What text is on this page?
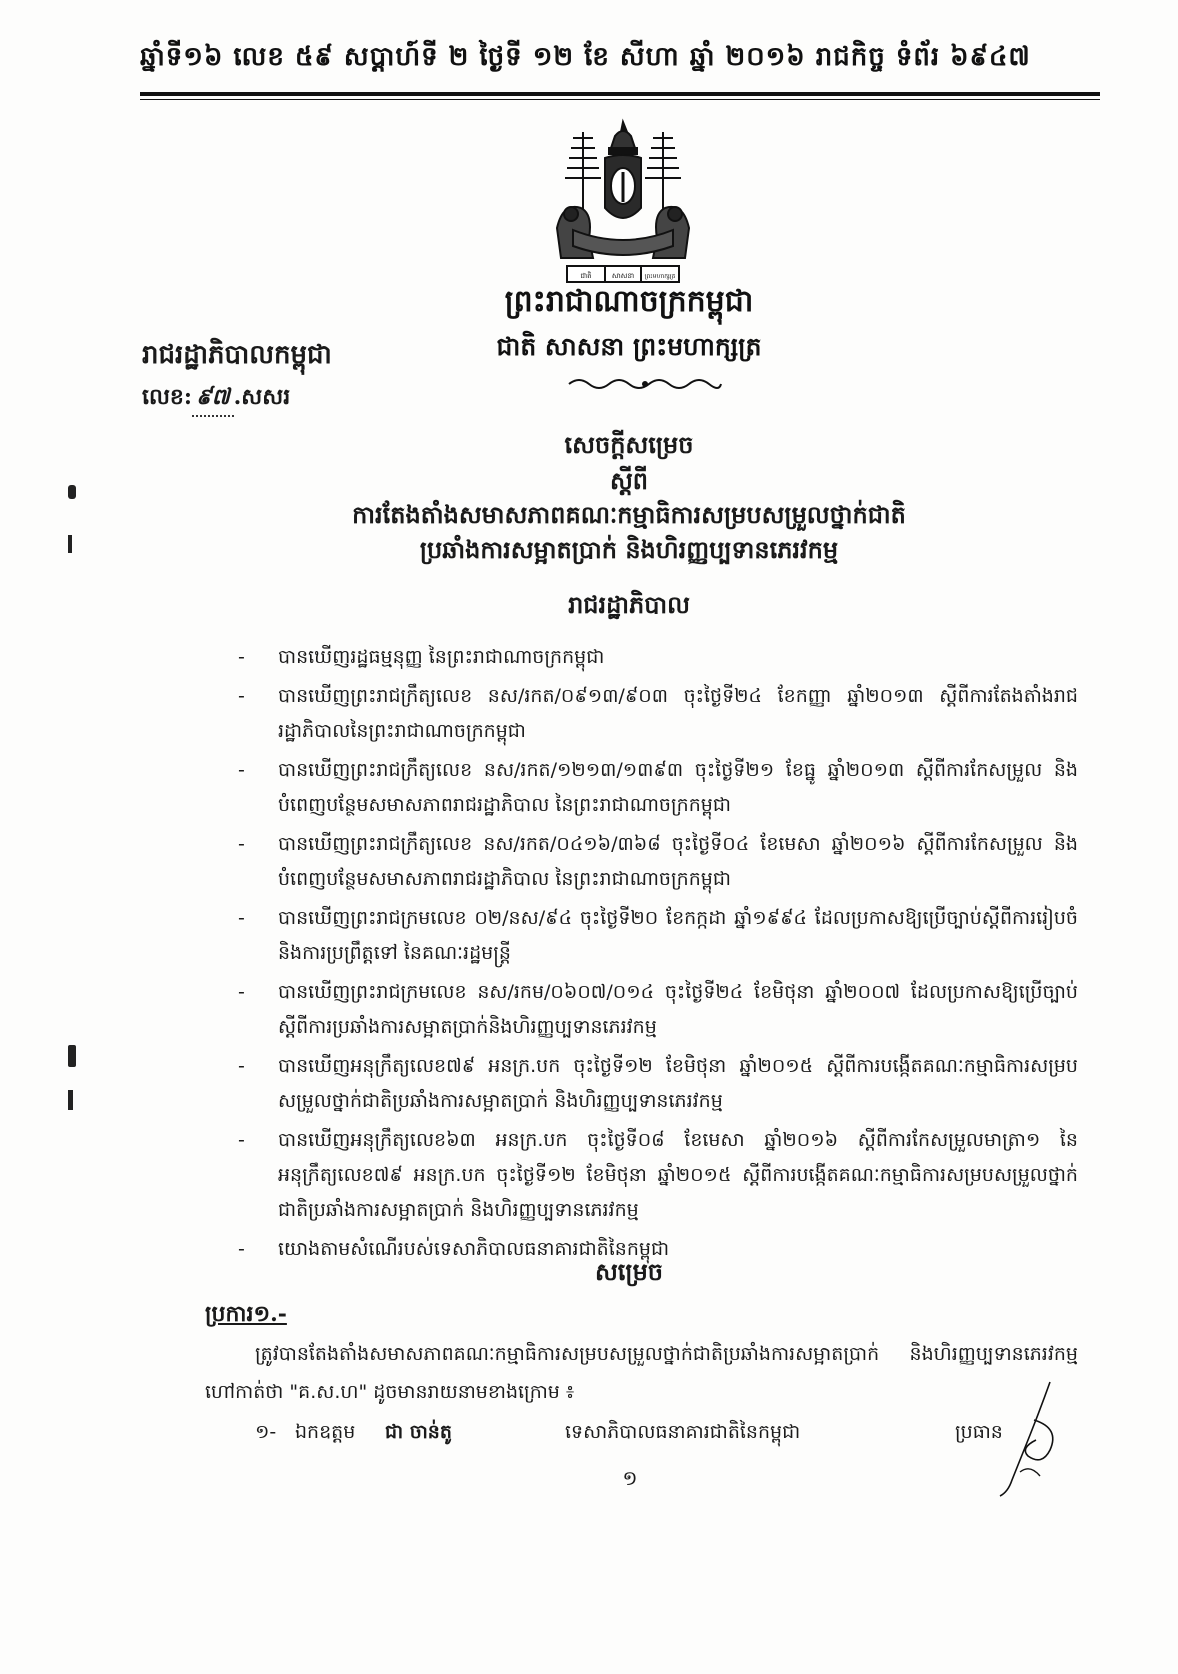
ឆ្នាំទី១៦ លេខ ៥៩ សប្តាហ៍ទី ២ ថ្ងៃទី ១២ ខែ សីហា ឆ្នាំ ២០១៦ រាជកិច្ច ទំព័រ ៦៩៤៧
ជាតិ	សាសនា ព្រះមហាក្សត្រ
ព្រះរាជាណាចក្រកម្ពុជា
ជាតិ សាសនា ព្រះមហាក្សត្រ
រាជរដ្ឋាភិបាលកម្ពុជា
លេខ: ៩៧ .សសរ
សេចក្តីសម្រេច
ស្តីពី
ការតែងតាំងសមាសភាពគណៈកម្មាធិការសម្របសម្រួលថ្នាក់ជាតិ
ប្រឆាំងការសម្អាតប្រាក់ និងហិរញ្ញប្បទានភេរវកម្ម
រាជរដ្ឋាភិបាល
- បានឃើញរដ្ឋធម្មនុញ្ញ នៃព្រះរាជាណាចក្រកម្ពុជា
- បានឃើញព្រះរាជក្រឹត្យលេខ នស/រកត/០៩១៣/៩០៣ ចុះថ្ងៃទី២៤ ខែកញ្ញា ឆ្នាំ២០១៣ ស្តីពីការតែងតាំងរាជរដ្ឋាភិបាលនៃព្រះរាជាណាចក្រកម្ពុជា
- បានឃើញព្រះរាជក្រឹត្យលេខ នស/រកត/១២១៣/១៣៩៣ ចុះថ្ងៃទី២១ ខែធ្នូ ឆ្នាំ២០១៣ ស្តីពីការកែសម្រួល និងបំពេញបន្ថែមសមាសភាពរាជរដ្ឋាភិបាល នៃព្រះរាជាណាចក្រកម្ពុជា
- បានឃើញព្រះរាជក្រឹត្យលេខ នស/រកត/០៤១៦/៣៦៨ ចុះថ្ងៃទី០៤ ខែមេសា ឆ្នាំ២០១៦ ស្តីពីការកែសម្រួល និងបំពេញបន្ថែមសមាសភាពរាជរដ្ឋាភិបាល នៃព្រះរាជាណាចក្រកម្ពុជា
- បានឃើញព្រះរាជក្រមលេខ ០២/នស/៩៤ ចុះថ្ងៃទី២០ ខែកក្កដា ឆ្នាំ១៩៩៤ ដែលប្រកាសឱ្យប្រើច្បាប់ស្តីពីការរៀបចំនិងការប្រព្រឹត្តទៅ នៃគណៈរដ្ឋមន្ត្រី
- បានឃើញព្រះរាជក្រមលេខ នស/រកម/០៦០៧/០១៤ ចុះថ្ងៃទី២៤ ខែមិថុនា ឆ្នាំ២០០៧ ដែលប្រកាសឱ្យប្រើច្បាប់ស្តីពីការប្រឆាំងការសម្អាតប្រាក់និងហិរញ្ញប្បទានភេរវកម្ម
- បានឃើញអនុក្រឹត្យលេខ៧៩ អនក្រ.បក ចុះថ្ងៃទី១២ ខែមិថុនា ឆ្នាំ២០១៥ ស្តីពីការបង្កើតគណៈកម្មាធិការសម្របសម្រួលថ្នាក់ជាតិប្រឆាំងការសម្អាតប្រាក់ និងហិរញ្ញប្បទានភេរវកម្ម
- បានឃើញអនុក្រឹត្យលេខ៦៣ អនក្រ.បក ចុះថ្ងៃទី០៨ ខែមេសា ឆ្នាំ២០១៦ ស្តីពីការកែសម្រួលមាត្រា១ នៃអនុក្រឹត្យលេខ៧៩ អនក្រ.បក ចុះថ្ងៃទី១២ ខែមិថុនា ឆ្នាំ២០១៥ ស្តីពីការបង្កើតគណៈកម្មាធិការសម្របសម្រួលថ្នាក់ជាតិប្រឆាំងការសម្អាតប្រាក់ និងហិរញ្ញប្បទានភេរវកម្ម
- យោងតាមសំណើរបស់ទេសាភិបាលធនាគារជាតិនៃកម្ពុជា
សម្រេច
ប្រការ១.-
ត្រូវបានតែងតាំងសមាសភាពគណៈកម្មាធិការសម្របសម្រួលថ្នាក់ជាតិប្រឆាំងការសម្អាតប្រាក់ និងហិរញ្ញប្បទានភេរវកម្ម ហៅកាត់ថា "គ.ស.ហ" ដូចមានរាយនាមខាងក្រោម ៖
១- ឯកឧត្តម ជា ចាន់តូ	ទេសាភិបាលធនាគារជាតិនៃកម្ពុជា	ប្រធាន
១
